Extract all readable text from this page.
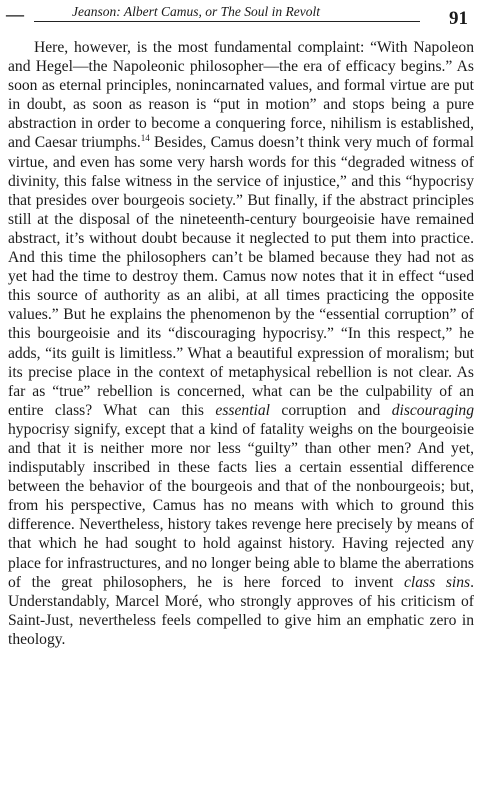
—	Jeanson: Albert Camus, or The Soul in Revolt	91

Here, however, is the most fundamental complaint: “With Napoleon and Hegel—the Napoleonic philosopher—the era of efficacy begins.” As soon as eternal principles, nonincarnated values, and formal virtue are put in doubt, as soon as reason is “put in motion” and stops being a pure abstraction in order to become a conquering force, nihilism is established, and Caesar triumphs.$^{14}$ Besides, Camus doesn’t think very much of formal virtue, and even has some very harsh words for this “degraded witness of divinity, this false witness in the service of injustice,” and this “hypocrisy that presides over bourgeois society.” But finally, if the abstract principles still at the disposal of the nineteenth-century bourgeoisie have remained abstract, it’s without doubt because it neglected to put them into practice. And this time the philosophers can’t be blamed because they had not as yet had the time to destroy them. Camus now notes that it in effect “used this source of authority as an alibi, at all times practicing the opposite values.” But he explains the phenomenon by the “essential corruption” of this bourgeoisie and its “discouraging hypocrisy.” “In this respect,” he adds, “its guilt is limitless.” What a beautiful expression of moralism; but its precise place in the context of metaphysical rebellion is not clear. As far as “true” rebellion is concerned, what can be the culpability of an entire class? What can this essential corruption and discouraging hypocrisy signify, except that a kind of fatality weighs on the bourgeoisie and that it is neither more nor less “guilty” than other men? And yet, indisputably inscribed in these facts lies a certain essential difference between the behavior of the bourgeois and that of the nonbourgeois; but, from his perspective, Camus has no means with which to ground this difference. Nevertheless, history takes revenge here precisely by means of that which he had sought to hold against history. Having rejected any place for infrastructures, and no longer being able to blame the aberrations of the great philosophers, he is here forced to invent class sins. Understandably, Marcel Moré, who strongly approves of his criticism of Saint-Just, nevertheless feels compelled to give him an emphatic zero in theology.
